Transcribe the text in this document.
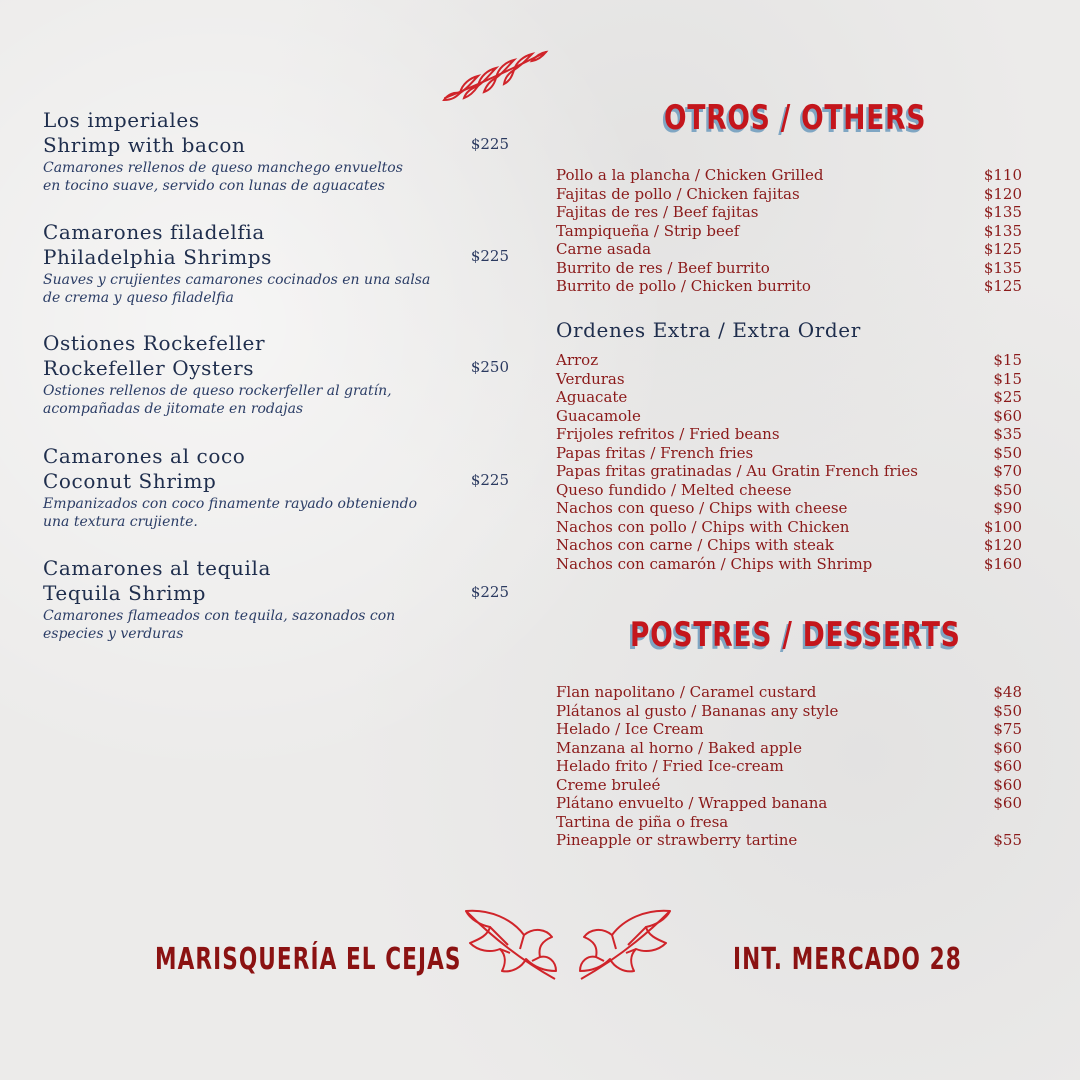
Los imperiales
Shrimp with bacon	$225
Camarones rellenos de queso manchego envueltos
en tocino suave, servido con lunas de aguacates
Camarones filadelfia
Philadelphia Shrimps	$225
Suaves y crujientes camarones cocinados en una salsa
de crema y queso filadelfia
Ostiones Rockefeller
Rockefeller Oysters	$250
Ostiones rellenos de queso rockerfeller al gratín,
acompañadas de jitomate en rodajas
Camarones al coco
Coconut Shrimp	$225
Empanizados con coco finamente rayado obteniendo
una textura crujiente.
Camarones al tequila
Tequila Shrimp	$225
Camarones flameados con tequila, sazonados con
especies y verduras
OTROS / OTHERS
Pollo a la plancha / Chicken Grilled	$110
Fajitas de pollo / Chicken fajitas	$120
Fajitas de res / Beef fajitas	$135
Tampiqueña / Strip beef	$135
Carne asada	$125
Burrito de res / Beef burrito	$135
Burrito de pollo / Chicken burrito	$125
Ordenes Extra / Extra Order
Arroz	$15
Verduras	$15
Aguacate	$25
Guacamole	$60
Frijoles refritos / Fried beans	$35
Papas fritas / French fries	$50
Papas fritas gratinadas / Au Gratin French fries	$70
Queso fundido / Melted cheese	$50
Nachos con queso / Chips with cheese	$90
Nachos con pollo / Chips with Chicken	$100
Nachos con carne / Chips with steak	$120
Nachos con camarón / Chips with Shrimp	$160
POSTRES / DESSERTS
Flan napolitano / Caramel custard	$48
Plátanos al gusto / Bananas any style	$50
Helado / Ice Cream	$75
Manzana al horno / Baked apple	$60
Helado frito / Fried Ice-cream	$60
Creme bruleé	$60
Plátano envuelto / Wrapped banana	$60
Tartina de piña o fresa
Pineapple or strawberry tartine	$55
MARISQUERÍA EL CEJAS	INT. MERCADO 28
